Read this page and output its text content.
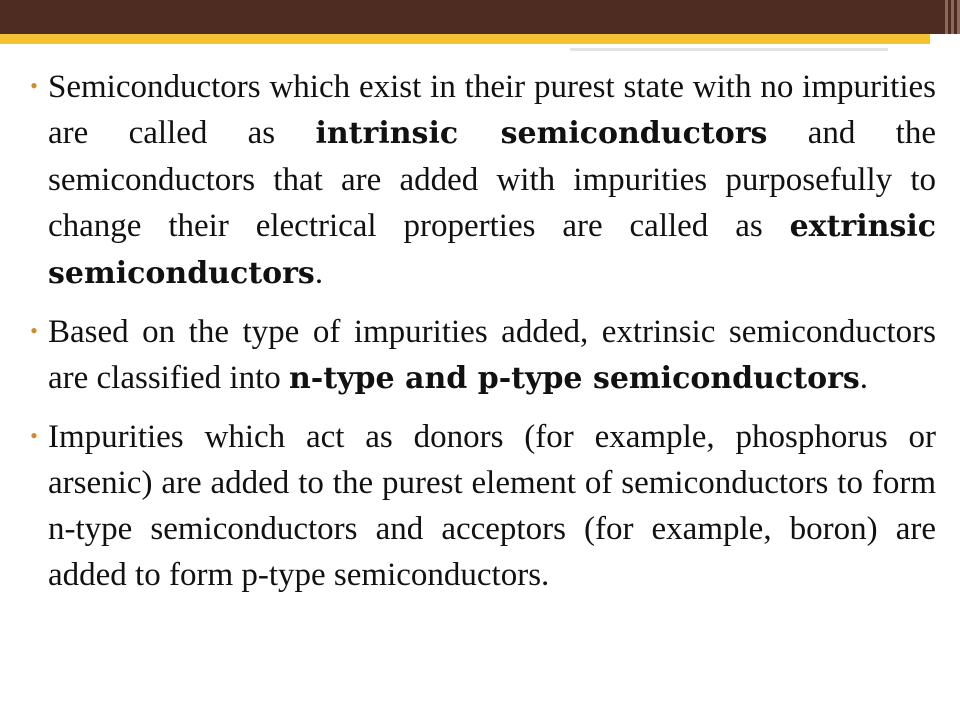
• Semiconductors which exist in their purest state with no impurities are called as intrinsic semiconductors and the semiconductors that are added with impurities purposefully to change their electrical properties are called as extrinsic semiconductors.
• Based on the type of impurities added, extrinsic semiconductors are classified into n-type and p-type semiconductors.
• Impurities which act as donors (for example, phosphorus or arsenic) are added to the purest element of semiconductors to form n-type semiconductors and acceptors (for example, boron) are added to form p-type semiconductors.
